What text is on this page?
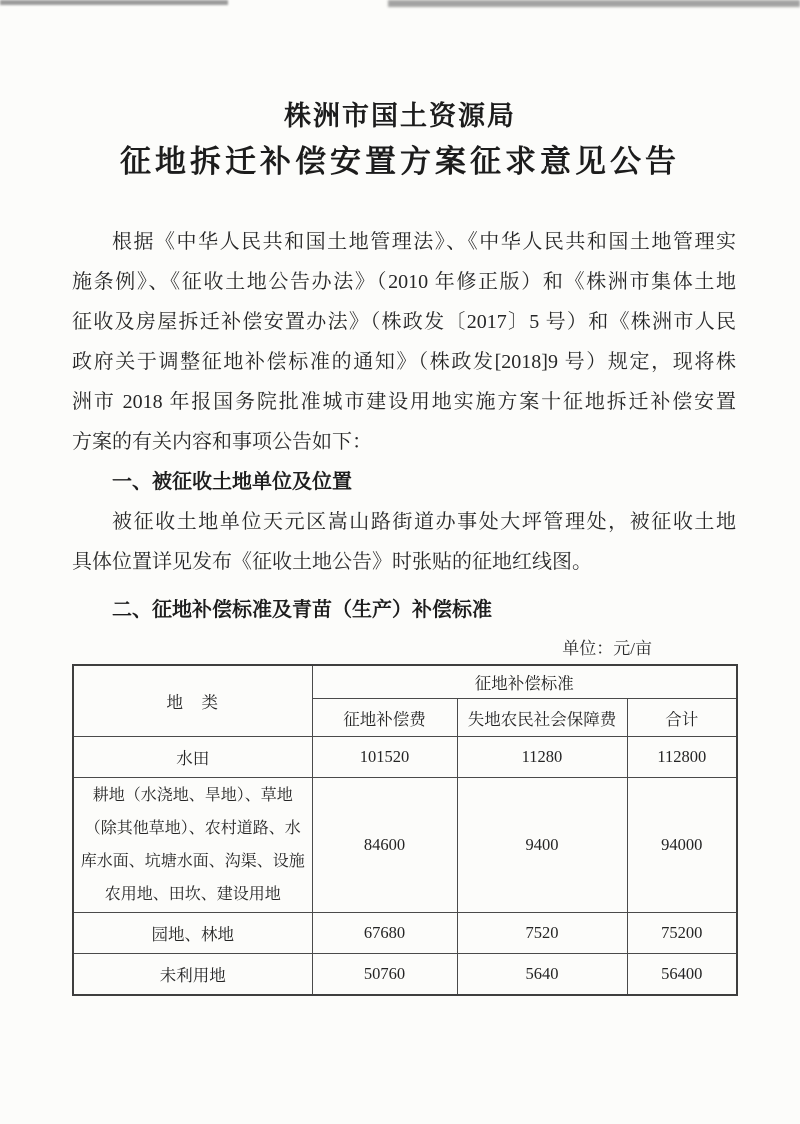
株洲市国土资源局
征地拆迁补偿安置方案征求意见公告
根据《中华人民共和国土地管理法》、《中华人民共和国土地管理实
施条例》、《征收土地公告办法》（2010 年修正版）和《株洲市集体土地
征收及房屋拆迁补偿安置办法》（株政发〔2017〕5 号）和《株洲市人民
政府关于调整征地补偿标准的通知》（株政发[2018]9 号）规定，现将株
洲市 2018 年报国务院批准城市建设用地实施方案十征地拆迁补偿安置
方案的有关内容和事项公告如下：
一、被征收土地单位及位置
被征收土地单位天元区嵩山路街道办事处大坪管理处，被征收土地
具体位置详见发布《征收土地公告》时张贴的征地红线图。
二、征地补偿标准及青苗（生产）补偿标准
单位：元/亩
地　类	征地补偿标准		
	征地补偿费	失地农民社会保障费	合计
水田	101520	11280	112800
耕地（水浇地、旱地）、草地（除其他草地）、农村道路、水库水面、坑塘水面、沟渠、设施农用地、田坎、建设用地	84600	9400	94000
园地、林地	67680	7520	75200
未利用地	50760	5640	56400
